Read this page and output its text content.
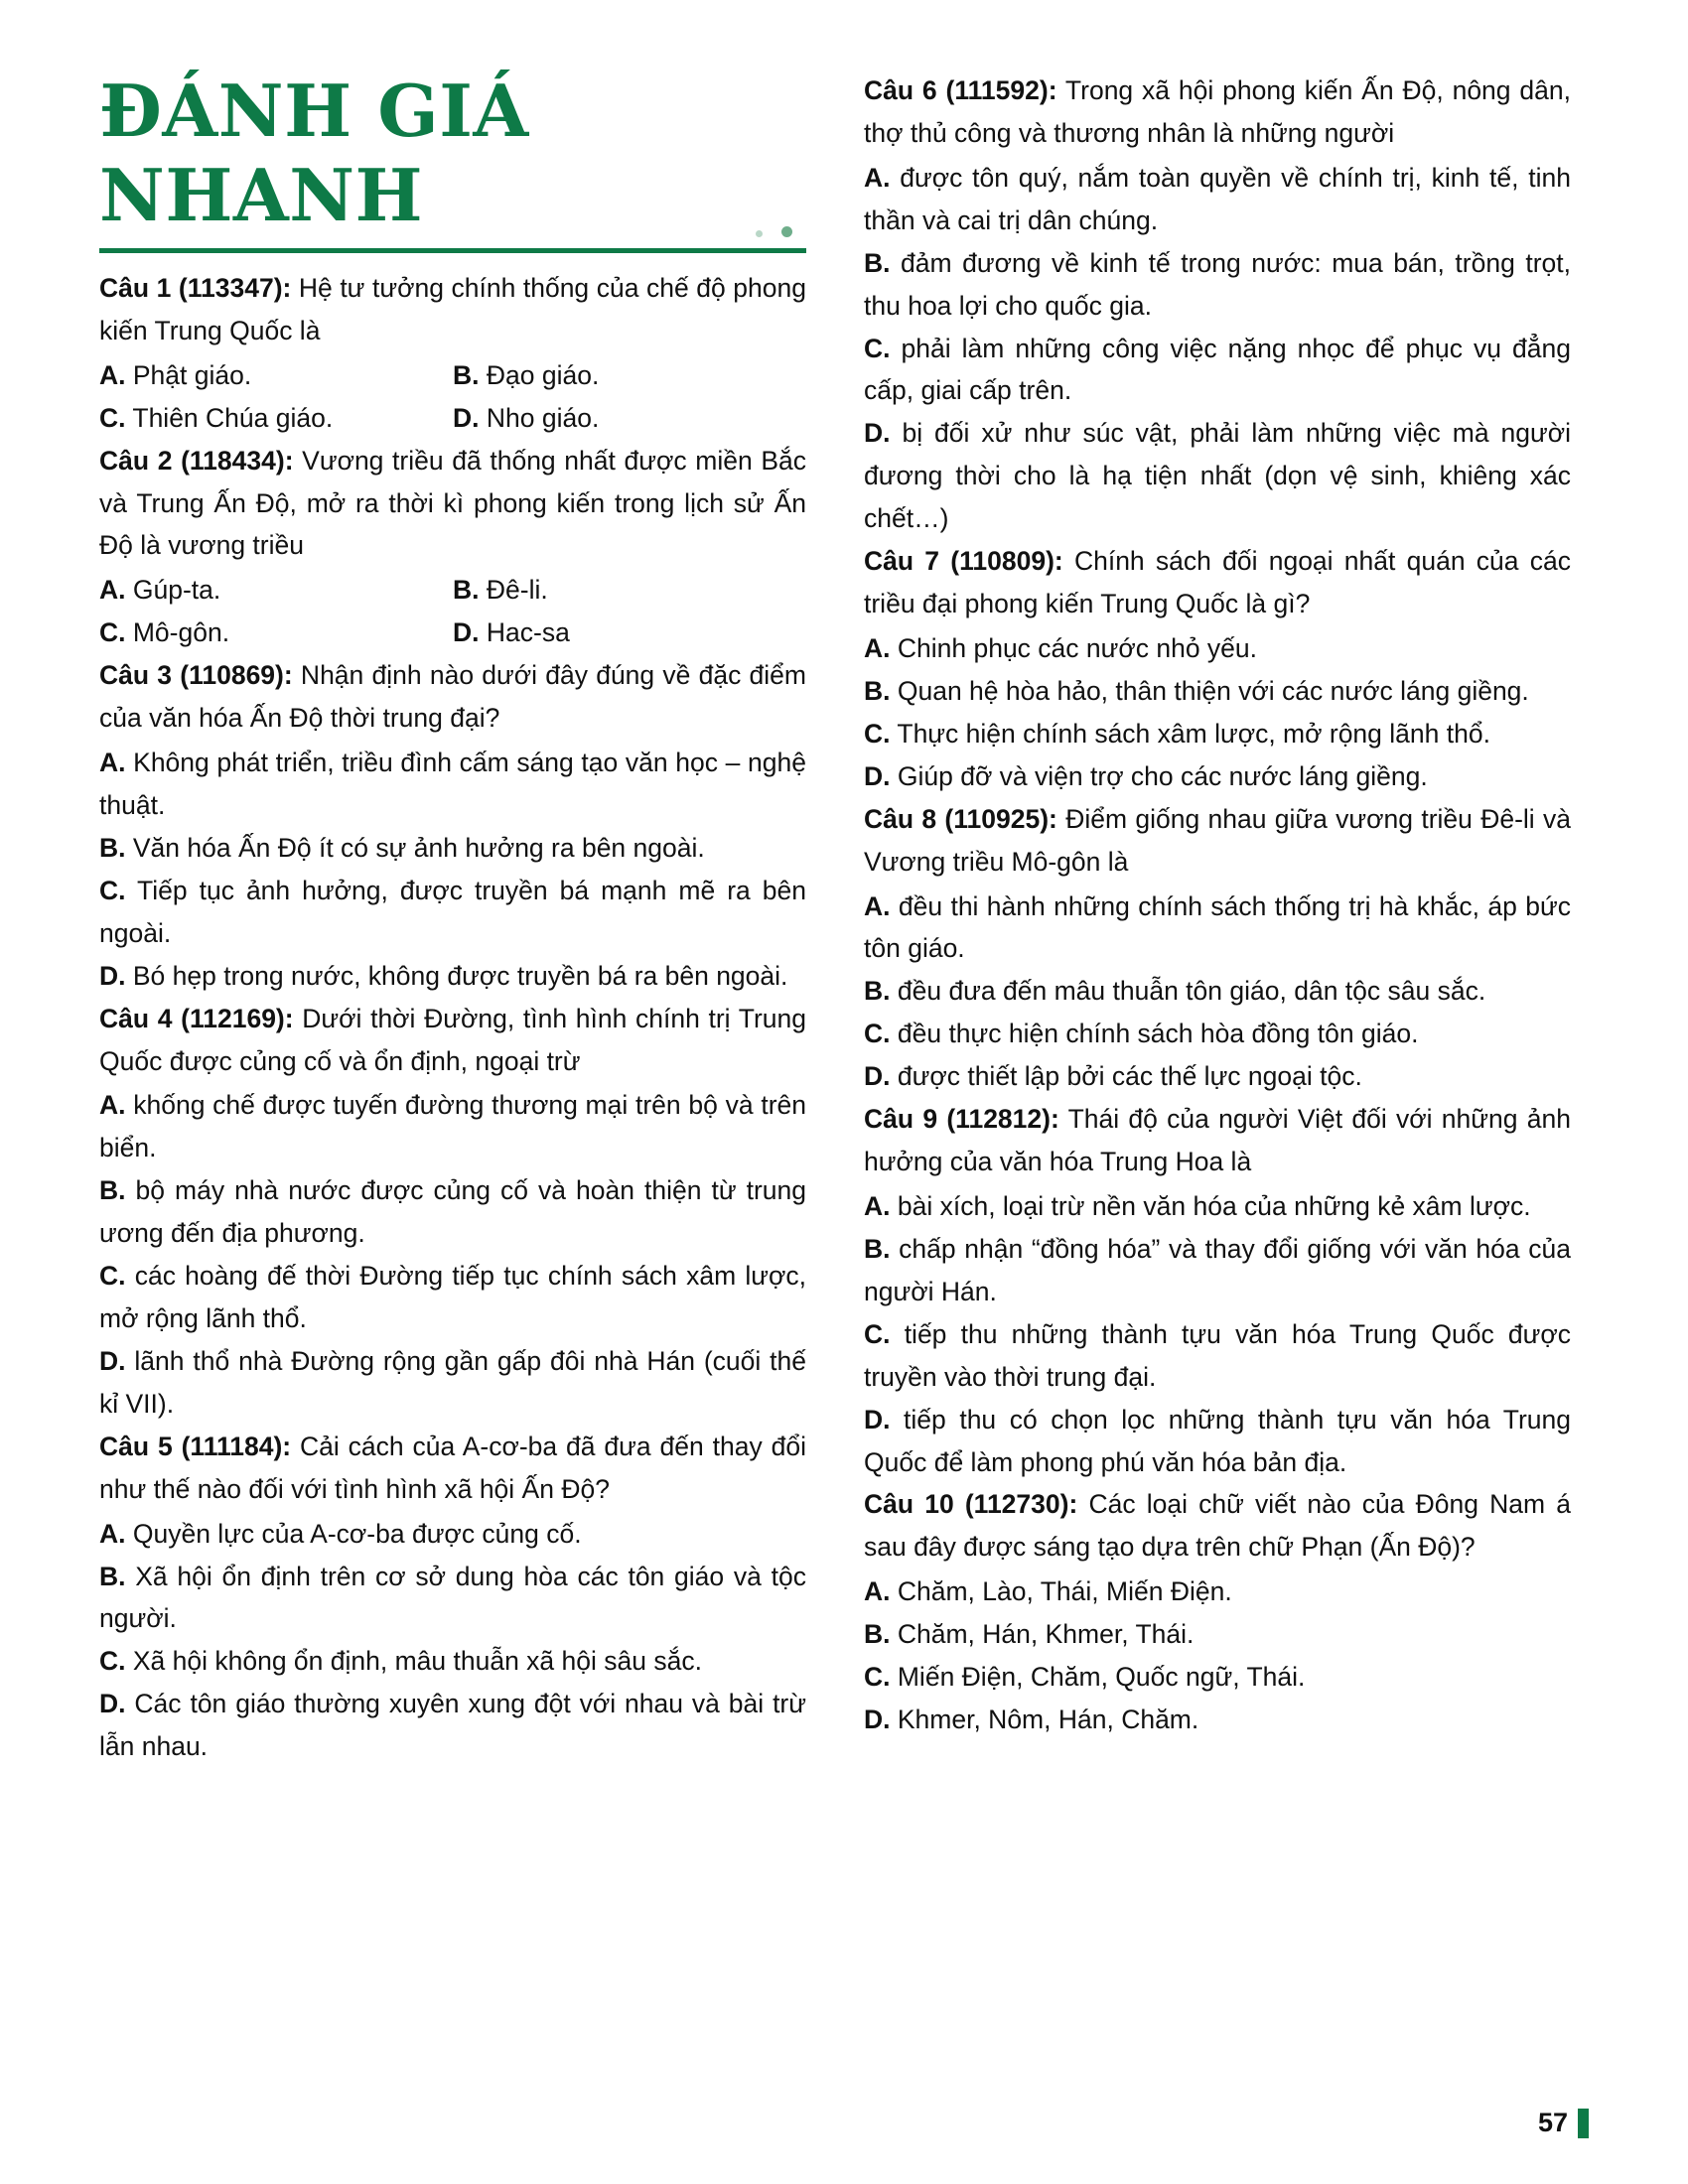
ĐÁNH GIÁ
NHANH

Câu 1 (113347): Hệ tư tưởng chính thống của chế độ phong kiến Trung Quốc là

A. Phật giáo.	B. Đạo giáo.

C. Thiên Chúa giáo.	D. Nho giáo.

Câu 2 (118434): Vương triều đã thống nhất được miền Bắc và Trung Ấn Độ, mở ra thời kì phong kiến trong lịch sử Ấn Độ là vương triều

A. Gúp-ta.	B. Đê-li.

C. Mô-gôn.	D. Hac-sa

Câu 3 (110869): Nhận định nào dưới đây đúng về đặc điểm của văn hóa Ấn Độ thời trung đại?

A. Không phát triển, triều đình cấm sáng tạo văn học – nghệ thuật.

B. Văn hóa Ấn Độ ít có sự ảnh hưởng ra bên ngoài.

C. Tiếp tục ảnh hưởng, được truyền bá mạnh mẽ ra bên ngoài.

D. Bó hẹp trong nước, không được truyền bá ra bên ngoài.

Câu 4 (112169): Dưới thời Đường, tình hình chính trị Trung Quốc được củng cố và ổn định, ngoại trừ

A. khống chế được tuyến đường thương mại trên bộ và trên biển.

B. bộ máy nhà nước được củng cố và hoàn thiện từ trung ương đến địa phương.

C. các hoàng đế thời Đường tiếp tục chính sách xâm lược, mở rộng lãnh thổ.

D. lãnh thổ nhà Đường rộng gần gấp đôi nhà Hán (cuối thế kỉ VII).

Câu 5 (111184): Cải cách của A-cơ-ba đã đưa đến thay đổi như thế nào đối với tình hình xã hội Ấn Độ?

A. Quyền lực của A-cơ-ba được củng cố.

B. Xã hội ổn định trên cơ sở dung hòa các tôn giáo và tộc người.

C. Xã hội không ổn định, mâu thuẫn xã hội sâu sắc.

D. Các tôn giáo thường xuyên xung đột với nhau và bài trừ lẫn nhau.

Câu 6 (111592): Trong xã hội phong kiến Ấn Độ, nông dân, thợ thủ công và thương nhân là những người

A. được tôn quý, nắm toàn quyền về chính trị, kinh tế, tinh thần và cai trị dân chúng.

B. đảm đương về kinh tế trong nước: mua bán, trồng trọt, thu hoa lợi cho quốc gia.

C. phải làm những công việc nặng nhọc để phục vụ đẳng cấp, giai cấp trên.

D. bị đối xử như súc vật, phải làm những việc mà người đương thời cho là hạ tiện nhất (dọn vệ sinh, khiêng xác chết…)

Câu 7 (110809): Chính sách đối ngoại nhất quán của các triều đại phong kiến Trung Quốc là gì?

A. Chinh phục các nước nhỏ yếu.

B. Quan hệ hòa hảo, thân thiện với các nước láng giềng.

C. Thực hiện chính sách xâm lược, mở rộng lãnh thổ.

D. Giúp đỡ và viện trợ cho các nước láng giềng.

Câu 8 (110925): Điểm giống nhau giữa vương triều Đê-li và Vương triều Mô-gôn là

A. đều thi hành những chính sách thống trị hà khắc, áp bức tôn giáo.

B. đều đưa đến mâu thuẫn tôn giáo, dân tộc sâu sắc.

C. đều thực hiện chính sách hòa đồng tôn giáo.

D. được thiết lập bởi các thế lực ngoại tộc.

Câu 9 (112812): Thái độ của người Việt đối với những ảnh hưởng của văn hóa Trung Hoa là

A. bài xích, loại trừ nền văn hóa của những kẻ xâm lược.

B. chấp nhận “đồng hóa” và thay đổi giống với văn hóa của người Hán.

C. tiếp thu những thành tựu văn hóa Trung Quốc được truyền vào thời trung đại.

D. tiếp thu có chọn lọc những thành tựu văn hóa Trung Quốc để làm phong phú văn hóa bản địa.

Câu 10 (112730): Các loại chữ viết nào của Đông Nam á sau đây được sáng tạo dựa trên chữ Phạn (Ấn Độ)?

A. Chăm, Lào, Thái, Miến Điện.

B. Chăm, Hán, Khmer, Thái.

C. Miến Điện, Chăm, Quốc ngữ, Thái.

D. Khmer, Nôm, Hán, Chăm.

57
